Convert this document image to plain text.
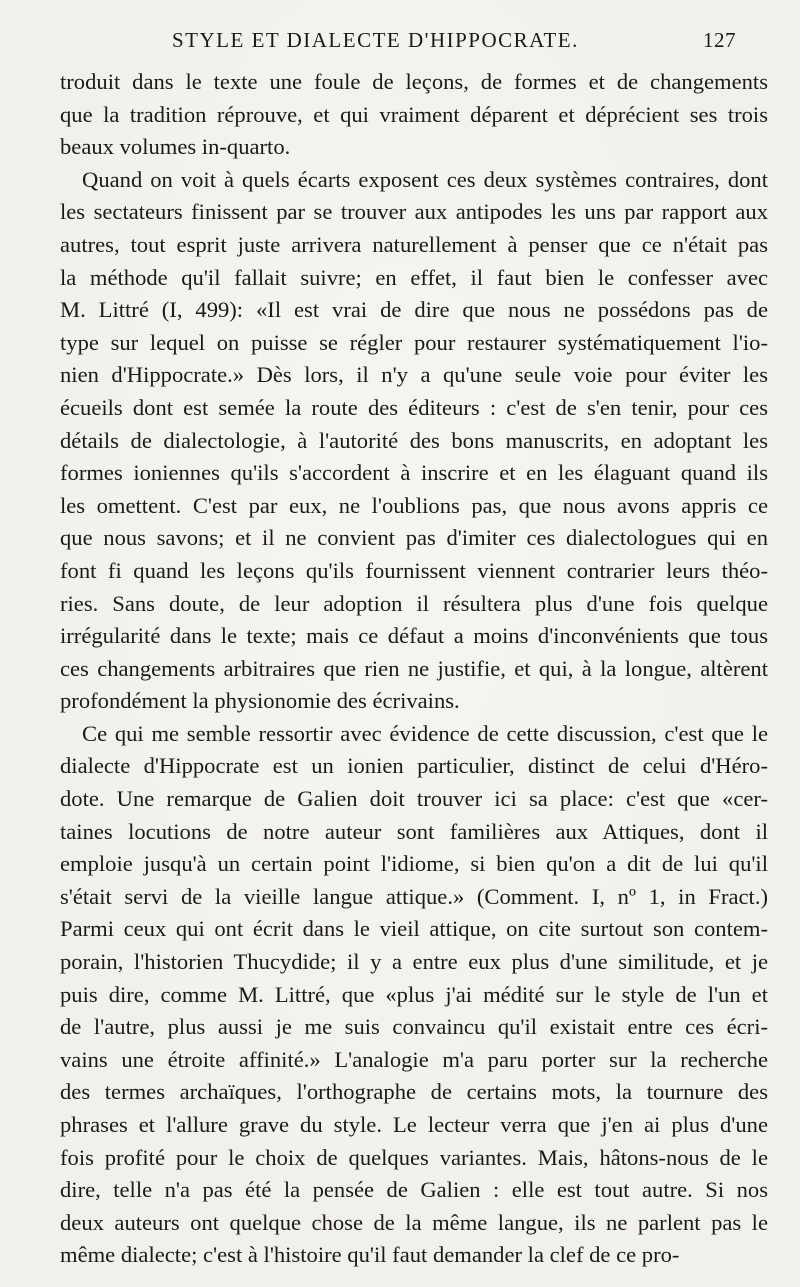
STYLE ET DIALECTE D'HIPPOCRATE.	127

troduit dans le texte une foule de leçons, de formes et de changements
que la tradition réprouve, et qui vraiment déparent et déprécient ses trois
beaux volumes in-quarto.

Quand on voit à quels écarts exposent ces deux systèmes contraires, dont
les sectateurs finissent par se trouver aux antipodes les uns par rapport aux
autres, tout esprit juste arrivera naturellement à penser que ce n'était pas
la méthode qu'il fallait suivre; en effet, il faut bien le confesser avec
M. Littré (I, 499): «Il est vrai de dire que nous ne possédons pas de
type sur lequel on puisse se régler pour restaurer systématiquement l'io-
nien d'Hippocrate.» Dès lors, il n'y a qu'une seule voie pour éviter les
écueils dont est semée la route des éditeurs : c'est de s'en tenir, pour ces
détails de dialectologie, à l'autorité des bons manuscrits, en adoptant les
formes ioniennes qu'ils s'accordent à inscrire et en les élaguant quand ils
les omettent. C'est par eux, ne l'oublions pas, que nous avons appris ce
que nous savons; et il ne convient pas d'imiter ces dialectologues qui en
font fi quand les leçons qu'ils fournissent viennent contrarier leurs théo-
ries. Sans doute, de leur adoption il résultera plus d'une fois quelque
irrégularité dans le texte; mais ce défaut a moins d'inconvénients que tous
ces changements arbitraires que rien ne justifie, et qui, à la longue, altèrent
profondément la physionomie des écrivains.

Ce qui me semble ressortir avec évidence de cette discussion, c'est que le
dialecte d'Hippocrate est un ionien particulier, distinct de celui d'Héro-
dote. Une remarque de Galien doit trouver ici sa place: c'est que «cer-
taines locutions de notre auteur sont familières aux Attiques, dont il
emploie jusqu'à un certain point l'idiome, si bien qu'on a dit de lui qu'il
s'était servi de la vieille langue attique.» (Comment. I, nº 1, in Fract.)
Parmi ceux qui ont écrit dans le vieil attique, on cite surtout son contem-
porain, l'historien Thucydide; il y a entre eux plus d'une similitude, et je
puis dire, comme M. Littré, que «plus j'ai médité sur le style de l'un et
de l'autre, plus aussi je me suis convaincu qu'il existait entre ces écri-
vains une étroite affinité.» L'analogie m'a paru porter sur la recherche
des termes archaïques, l'orthographe de certains mots, la tournure des
phrases et l'allure grave du style. Le lecteur verra que j'en ai plus d'une
fois profité pour le choix de quelques variantes. Mais, hâtons-nous de le
dire, telle n'a pas été la pensée de Galien : elle est tout autre. Si nos
deux auteurs ont quelque chose de la même langue, ils ne parlent pas le
même dialecte; c'est à l'histoire qu'il faut demander la clef de ce pro-
